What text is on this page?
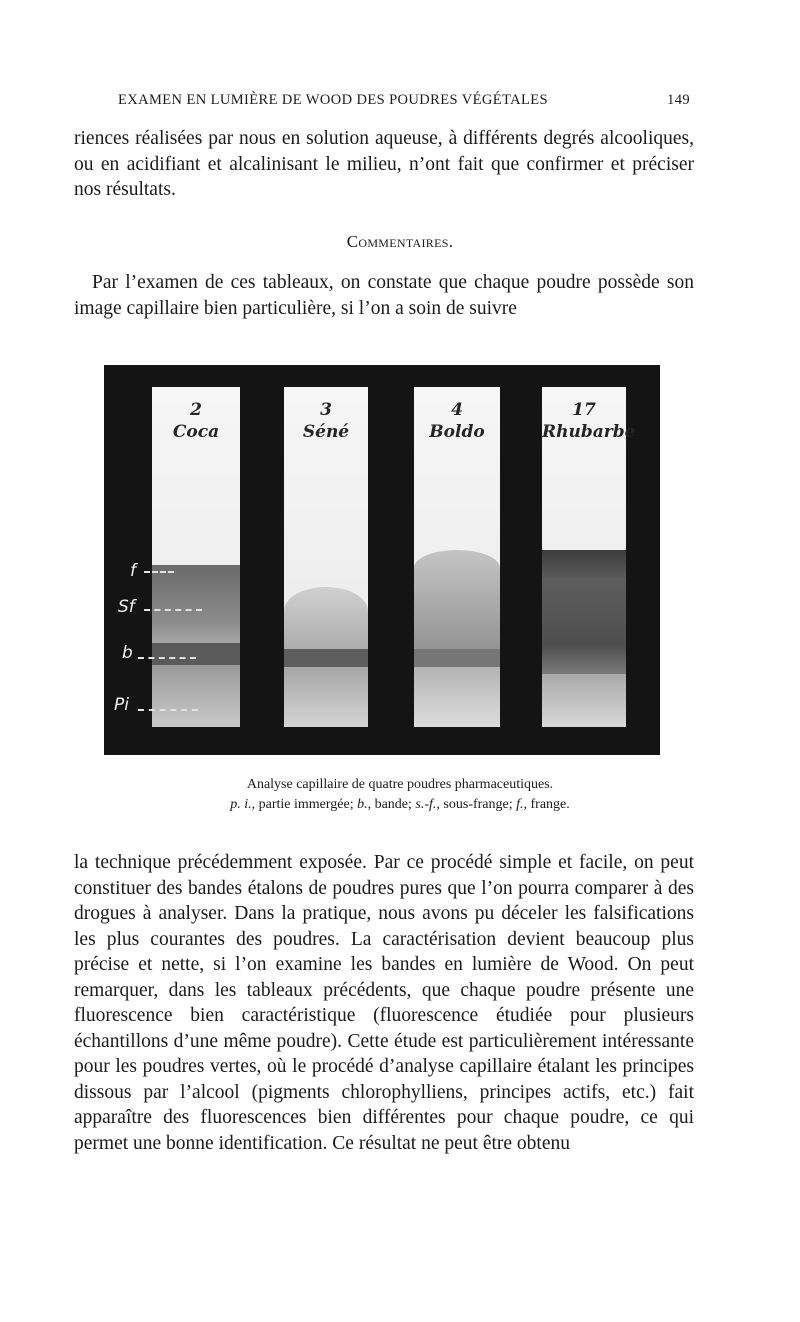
EXAMEN EN LUMIÈRE DE WOOD DES POUDRES VÉGÉTALES	149

riences réalisées par nous en solution aqueuse, à différents degrés alcooliques, ou en acidifiant et alcalinisant le milieu, n’ont fait que confirmer et préciser nos résultats.

Commentaires.

Par l’examen de ces tableaux, on constate que chaque poudre possède son image capillaire bien particulière, si l’on a soin de suivre

2
Coca
3
Séné
4
Boldo
17
Rhubarbe
f
Sf
b
Pi
Analyse capillaire de quatre poudres pharmaceutiques.
p. i., partie immergée; b., bande; s.-f., sous-frange; f., frange.

la technique précédemment exposée. Par ce procédé simple et facile, on peut constituer des bandes étalons de poudres pures que l’on pourra comparer à des drogues à analyser. Dans la pratique, nous avons pu déceler les falsifications les plus courantes des poudres. La caractérisation devient beaucoup plus précise et nette, si l’on examine les bandes en lumière de Wood. On peut remarquer, dans les tableaux précédents, que chaque poudre présente une fluorescence bien caractéristique (fluorescence étudiée pour plusieurs échantillons d’une même poudre). Cette étude est particulièrement intéressante pour les poudres vertes, où le procédé d’analyse capillaire étalant les principes dissous par l’alcool (pigments chlorophylliens, principes actifs, etc.) fait apparaître des fluorescences bien différentes pour chaque poudre, ce qui permet une bonne identification. Ce résultat ne peut être obtenu
